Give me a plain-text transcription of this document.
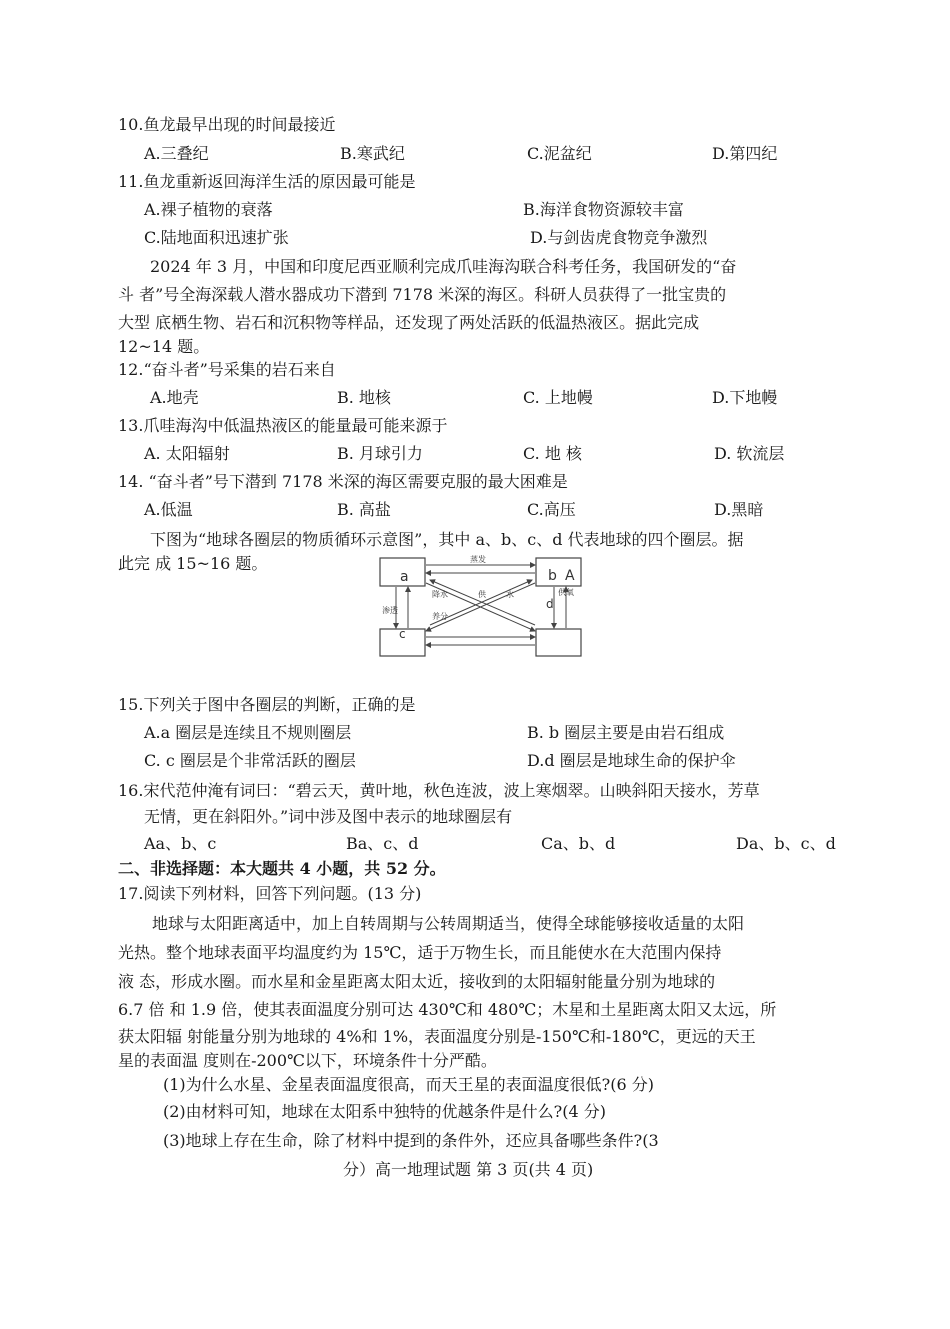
10.鱼龙最早出现的时间最接近
A.三叠纪	B.寒武纪	C.泥盆纪	D.第四纪
11.鱼龙重新返回海洋生活的原因最可能是
A.裸子植物的衰落	B.海洋食物资源较丰富
C.陆地面积迅速扩张	D.与剑齿虎食物竞争激烈
2024 年 3 月，中国和印度尼西亚顺利完成爪哇海沟联合科考任务，我国研发的“奋
斗 者”号全海深载人潜水器成功下潜到 7178 米深的海区。科研人员获得了一批宝贵的
大型 底栖生物、岩石和沉积物等样品，还发现了两处活跃的低温热液区。据此完成
12~14 题。
12.“奋斗者”号采集的岩石来自
A.地壳	B. 地核	C. 上地幔	D.下地幔
13.爪哇海沟中低温热液区的能量最可能来源于
A. 太阳辐射	B. 月球引力	C. 地 核	D. 软流层
14. “奋斗者”号下潜到 7178 米深的海区需要克服的最大困难是
A.低温	B. 高盐	C.高压	D.黑暗
下图为“地球各圈层的物质循环示意图”，其中 a、b、c、d 代表地球的四个圈层。据
此完 成 15~16 题。
a	b A
c
d
蒸发
渗透
供氧
降水	供	水
养分
15.下列关于图中各圈层的判断，正确的是
A.a 圈层是连续且不规则圈层	B. b 圈层主要是由岩石组成
C. c 圈层是个非常活跃的圈层	D.d 圈层是地球生命的保护伞
16.宋代范仲淹有词曰：“碧云天，黄叶地，秋色连波，波上寒烟翠。山映斜阳天接水，芳草
无情，更在斜阳外。”词中涉及图中表示的地球圈层有
Aa、b、c	Ba、c、d	Ca、b、d	Da、b、c、d
二、非选择题：本大题共 4 小题，共 52 分。
17.阅读下列材料，回答下列问题。(13 分)
地球与太阳距离适中，加上自转周期与公转周期适当，使得全球能够接收适量的太阳
光热。整个地球表面平均温度约为 15℃，适于万物生长，而且能使水在大范围内保持
液 态，形成水圈。而水星和金星距离太阳太近，接收到的太阳辐射能量分别为地球的
6.7 倍 和 1.9 倍，使其表面温度分别可达 430℃和 480℃；木星和土星距离太阳又太远，所
获太阳辐 射能量分别为地球的 4%和 1%，表面温度分别是-150℃和-180℃，更远的天王
星的表面温 度则在-200℃以下，环境条件十分严酷。
(1)为什么水星、金星表面温度很高，而天王星的表面温度很低?(6 分)
(2)由材料可知，地球在太阳系中独特的优越条件是什么?(4 分)
(3)地球上存在生命，除了材料中提到的条件外，还应具备哪些条件?(3
分）高一地理试题 第 3 页(共 4 页)
